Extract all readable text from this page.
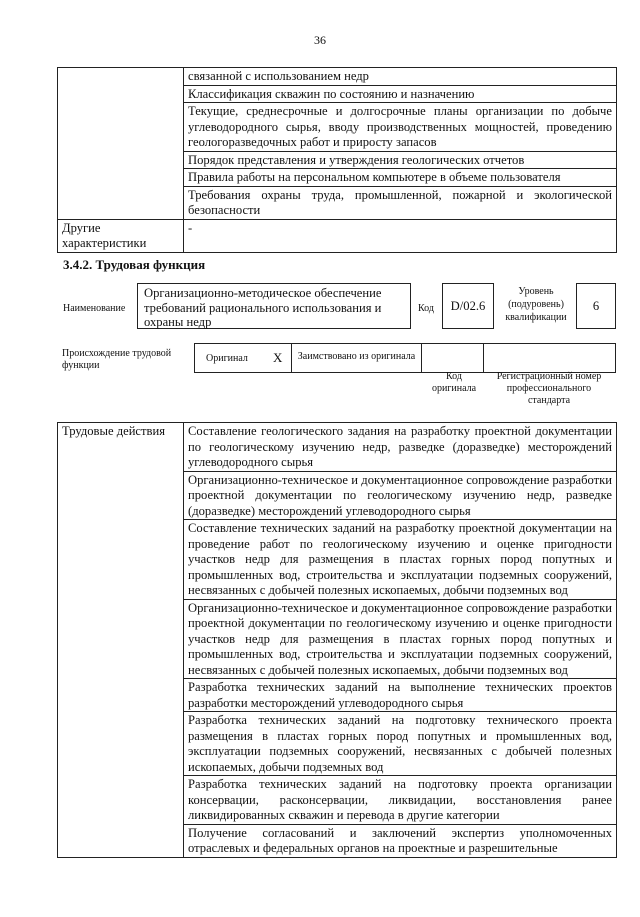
36
	связанной с использованием недр
	Классификация скважин по состоянию и назначению
	Текущие, среднесрочные и долгосрочные планы организации по добыче углеводородного сырья, вводу производственных мощностей, проведению геологоразведочных работ и приросту запасов
	Порядок представления и утверждения геологических отчетов
	Правила работы на персональном компьютере в объеме пользователя
	Требования охраны труда, промышленной, пожарной и экологической безопасности
Другие характеристики	-
3.4.2. Трудовая функция
Наименование
Организационно-методическое обеспечение требований рационального использования и охраны недр
Код	D/02.6
Уровень (подуровень) квалификации
6
Происхождение трудовой функции
Оригинал X	Заимствовано из оригинала
Код оригинала
Регистрационный номер профессионального стандарта
Трудовые действия	Составление геологического задания на разработку проектной документации по геологическому изучению недр, разведке (доразведке) месторождений углеводородного сырья
Организационно-техническое и документационное сопровождение разработки проектной документации по геологическому изучению недр, разведке (доразведке) месторождений углеводородного сырья
Составление технических заданий на разработку проектной документации на проведение работ по геологическому изучению и оценке пригодности участков недр для размещения в пластах горных пород попутных и промышленных вод, строительства и эксплуатации подземных сооружений, несвязанных с добычей полезных ископаемых, добычи подземных вод
Организационно-техническое и документационное сопровождение разработки проектной документации по геологическому изучению и оценке пригодности участков недр для размещения в пластах горных пород попутных и промышленных вод, строительства и эксплуатации подземных сооружений, несвязанных с добычей полезных ископаемых, добычи подземных вод
Разработка технических заданий на выполнение технических проектов разработки месторождений углеводородного сырья
Разработка технических заданий на подготовку технического проекта размещения в пластах горных пород попутных и промышленных вод, эксплуатации подземных сооружений, несвязанных с добычей полезных ископаемых, добычи подземных вод
Разработка технических заданий на подготовку проекта организации консервации, расконсервации, ликвидации, восстановления ранее ликвидированных скважин и перевода в другие категории
Получение согласований и заключений экспертиз уполномоченных отраслевых и федеральных органов на проектные и разрешительные
